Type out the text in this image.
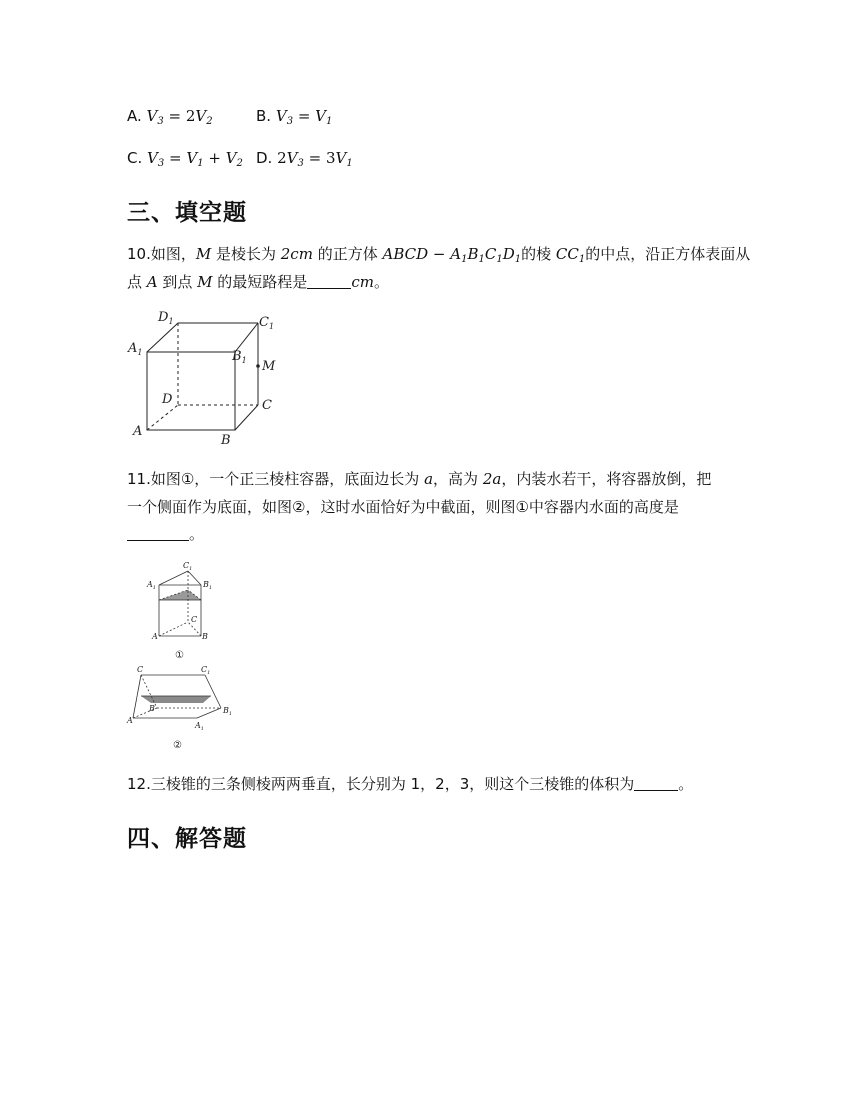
A. $V_3 = 2V_2$	B. $V_3 = V_1$
C. $V_3 = V_1 + V_2$ D. $2V_3 = 3V_1$
三、填空题
10.如图，M 是棱长为 2cm 的正方体 ABCD − $A_1B_1C_1D_1$的棱 $CC_1$的中点，沿正方体表面从
点 A 到点 M 的最短路程是	cm。
$D_1$	$C_1$
$A_1$	$B_1$ M
D	C
A
B
11.如图①，一个正三棱柱容器，底面边长为 a，高为 2a，内装水若干，将容器放倒，把
一个侧面作为底面，如图②，这时水面恰好为中截面，则图①中容器内水面的高度是
。
$C_1$
$A_1$	$B_1$
C
A	B
①
C	$C_1$
B	$B_1$
A
$A_1$
②
12.三棱锥的三条侧棱两两垂直，长分别为 1，2，3，则这个三棱锥的体积为	。
四、解答题
